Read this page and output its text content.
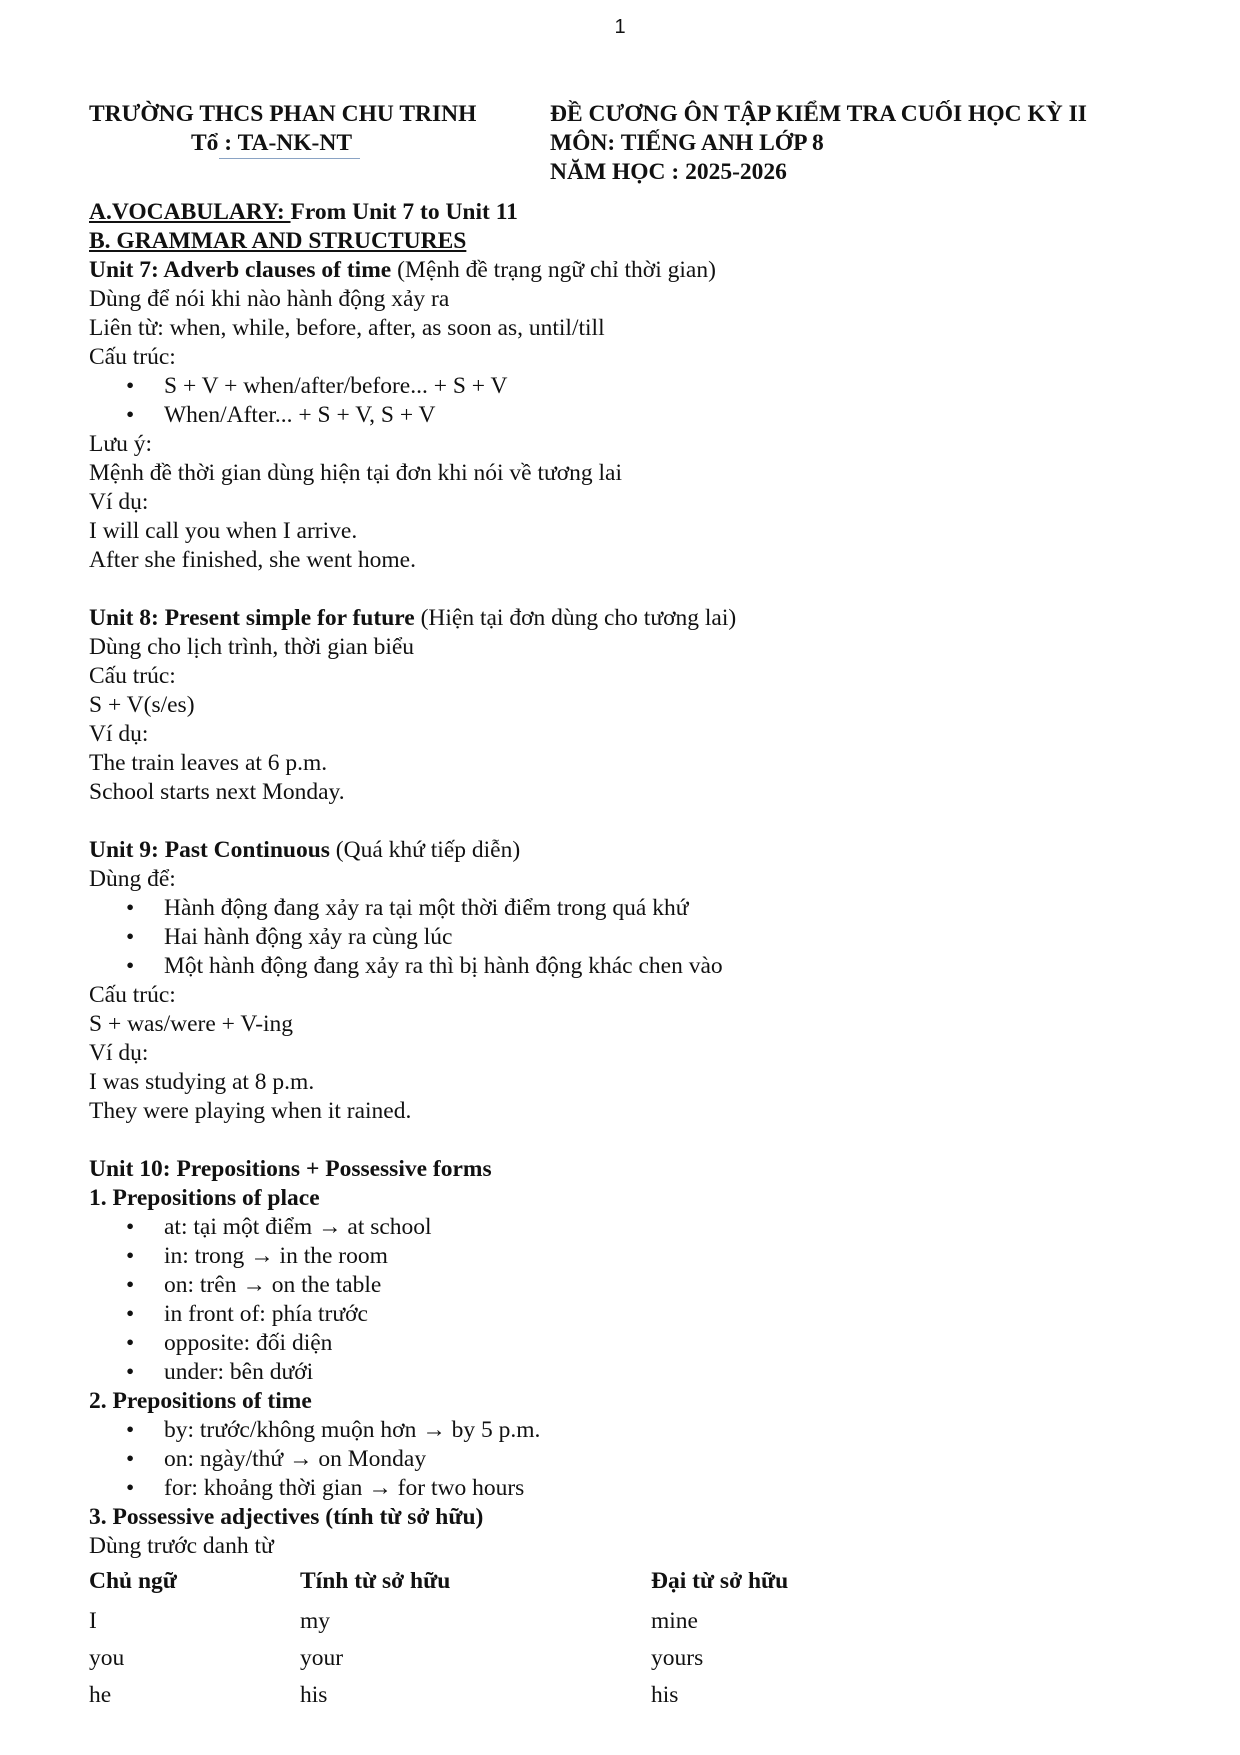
1
TRƯỜNG THCS PHAN CHU TRINH
Tổ : TA-NK-NT
ĐỀ CƯƠNG ÔN TẬP KIỂM TRA CUỐI HỌC KỲ II
MÔN: TIẾNG ANH LỚP 8
NĂM HỌC : 2025-2026
A.VOCABULARY: From Unit 7 to Unit 11
B. GRAMMAR AND STRUCTURES
Unit 7: Adverb clauses of time (Mệnh đề trạng ngữ chỉ thời gian)
Dùng để nói khi nào hành động xảy ra
Liên từ: when, while, before, after, as soon as, until/till
Cấu trúc:
• S + V + when/after/before... + S + V
• When/After... + S + V, S + V
Lưu ý:
Mệnh đề thời gian dùng hiện tại đơn khi nói về tương lai
Ví dụ:
I will call you when I arrive.
After she finished, she went home.
Unit 8: Present simple for future (Hiện tại đơn dùng cho tương lai)
Dùng cho lịch trình, thời gian biểu
Cấu trúc:
S + V(s/es)
Ví dụ:
The train leaves at 6 p.m.
School starts next Monday.
Unit 9: Past Continuous (Quá khứ tiếp diễn)
Dùng để:
• Hành động đang xảy ra tại một thời điểm trong quá khứ
• Hai hành động xảy ra cùng lúc
• Một hành động đang xảy ra thì bị hành động khác chen vào
Cấu trúc:
S + was/were + V-ing
Ví dụ:
I was studying at 8 p.m.
They were playing when it rained.
Unit 10: Prepositions + Possessive forms
1. Prepositions of place
• at: tại một điểm → at school
• in: trong → in the room
• on: trên → on the table
• in front of: phía trước
• opposite: đối diện
• under: bên dưới
2. Prepositions of time
• by: trước/không muộn hơn → by 5 p.m.
• on: ngày/thứ → on Monday
• for: khoảng thời gian → for two hours
3. Possessive adjectives (tính từ sở hữu)
Dùng trước danh từ
Chủ ngữ	Tính từ sở hữu	Đại từ sở hữu
I	my	mine
you	your	yours
he	his	his
